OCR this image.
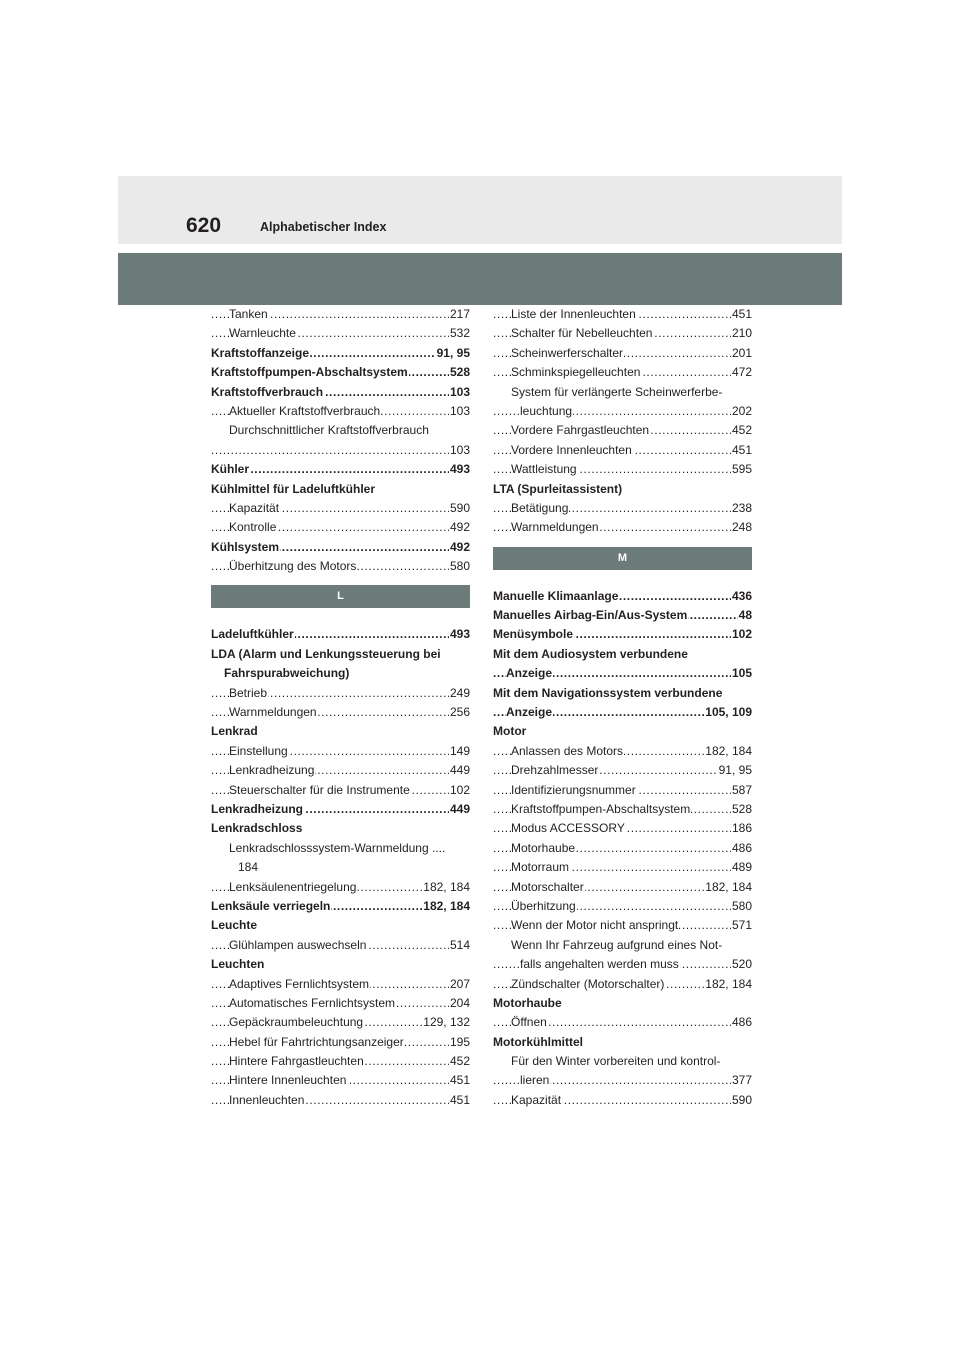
620	Alphabetischer Index
..... Tanken	217
..... Warnleuchte	532
..... Kraftstoffanzeige	91, 95
..... Kraftstoffpumpen-Abschaltsystem	528
..... Kraftstoffverbrauch	103
..... Aktueller Kraftstoffverbrauch	103
Durchschnittlicher Kraftstoffverbrauch
..... 103
..... Kühler	493
Kühlmittel für Ladeluftkühler
..... Kapazität	590
..... Kontrolle	492
..... Kühlsystem	492
..... Überhitzung des Motors	580
L
..... Ladeluftkühler	493
LDA (Alarm und Lenkungssteuerung bei
Fahrspurabweichung)
..... Betrieb	249
..... Warnmeldungen	256
Lenkrad
..... Einstellung	149
..... Lenkradheizung	449
..... Steuerschalter für die Instrumente	102
..... Lenkradheizung	449
Lenkradschloss
Lenkradschlosssystem-Warnmeldung ....
184
..... Lenksäulenentriegelung	182, 184
..... Lenksäule verriegeln	182, 184
Leuchte
..... Glühlampen auswechseln	514
Leuchten
..... Adaptives Fernlichtsystem	207
..... Automatisches Fernlichtsystem	204
..... Gepäckraumbeleuchtung	129, 132
..... Hebel für Fahrtrichtungsanzeiger	195
..... Hintere Fahrgastleuchten	452
..... Hintere Innenleuchten	451
..... Innenleuchten	451
..... Liste der Innenleuchten	451
..... Schalter für Nebelleuchten	210
..... Scheinwerferschalter	201
..... Schminkspiegelleuchten	472
System für verlängerte Scheinwerferbe-
..... leuchtung	202
..... Vordere Fahrgastleuchten	452
..... Vordere Innenleuchten	451
..... Wattleistung	595
LTA (Spurleitassistent)
..... Betätigung	238
..... Warnmeldungen	248
M
..... Manuelle Klimaanlage	436
..... Manuelles Airbag-Ein/Aus-System	48
..... Menüsymbole	102
Mit dem Audiosystem verbundene
..... Anzeige	105
Mit dem Navigationssystem verbundene
..... Anzeige	105, 109
Motor
..... Anlassen des Motors	182, 184
..... Drehzahlmesser	91, 95
..... Identifizierungsnummer	587
..... Kraftstoffpumpen-Abschaltsystem	528
..... Modus ACCESSORY	186
..... Motorhaube	486
..... Motorraum	489
..... Motorschalter	182, 184
..... Überhitzung	580
..... Wenn der Motor nicht anspringt	571
Wenn Ihr Fahrzeug aufgrund eines Not-
..... falls angehalten werden muss	520
..... Zündschalter (Motorschalter)	182, 184
Motorhaube
..... Öffnen	486
Motorkühlmittel
Für den Winter vorbereiten und kontrol-
..... lieren	377
..... Kapazität	590
